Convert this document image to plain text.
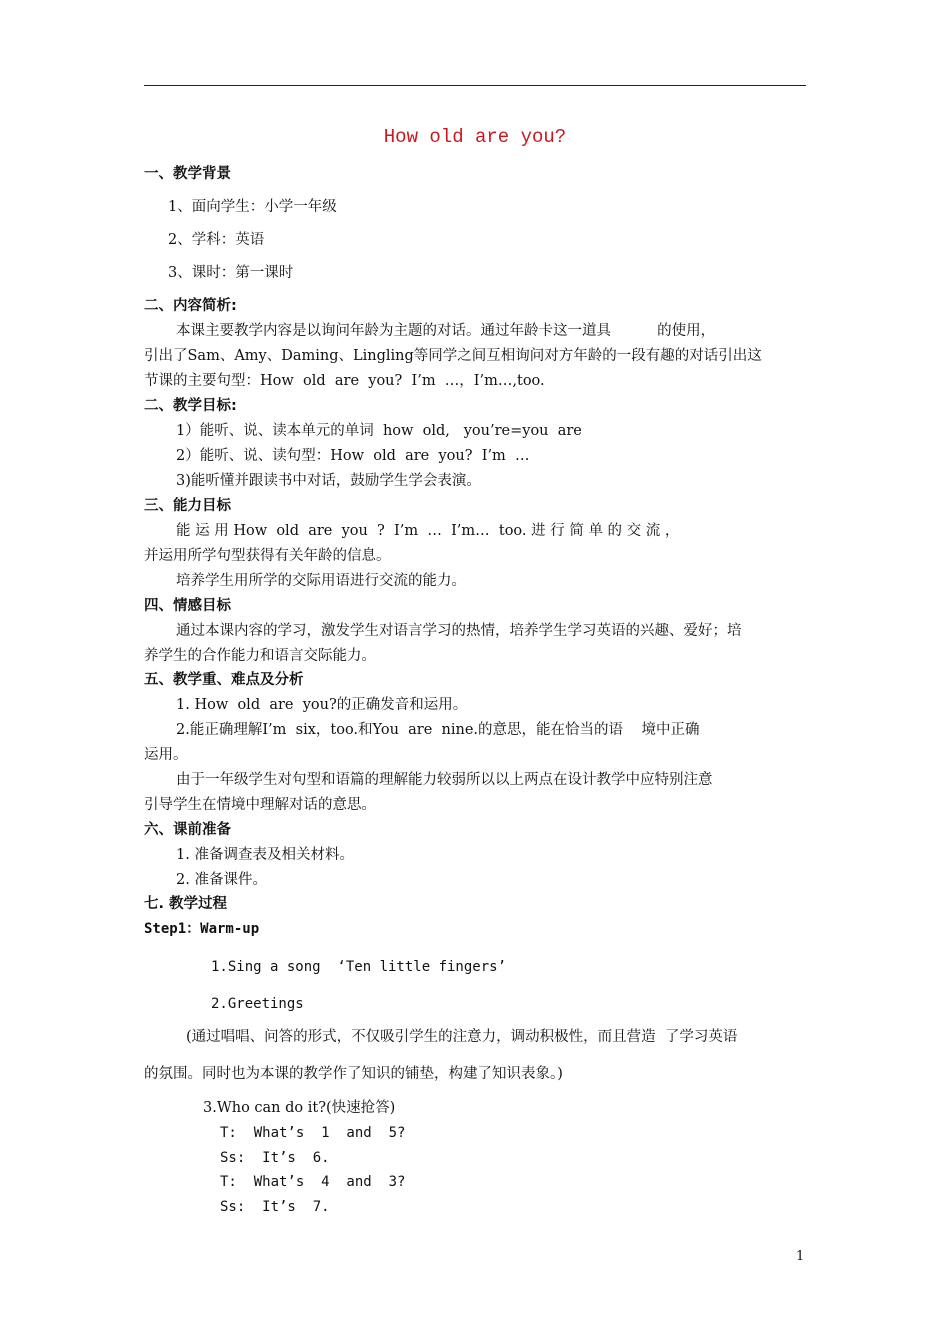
How old are you?
一、教学背景
1、面向学生：小学一年级
2、学科：英语
3、课时：第一课时
二、内容简析:
本课主要教学内容是以询问年龄为主题的对话。通过年龄卡这一道具          的使用，
引出了Sam、Amy、Daming、Lingling等同学之间互相询问对方年龄的一段有趣的对话引出这
节课的主要句型：How  old  are  you?  I’m  …，I’m…,too.
二、教学目标:
1）能听、说、读本单元的单词  how  old,   you’re=you  are
2）能听、说、读句型：How  old  are  you?  I’m  …
3)能听懂并跟读书中对话，鼓励学生学会表演。
三、能力目标
能 运 用 How  old  are  you  ?  I’m  …  I’m…  too. 进 行 简 单 的 交 流 ，
并运用所学句型获得有关年龄的信息。
培养学生用所学的交际用语进行交流的能力。
四、情感目标
通过本课内容的学习，激发学生对语言学习的热情，培养学生学习英语的兴趣、爱好；培
养学生的合作能力和语言交际能力。
五、教学重、难点及分析
1. How  old  are  you?的正确发音和运用。
2.能正确理解I’m  six，too.和You  are  nine.的意思，能在恰当的语    境中正确
运用。
由于一年级学生对句型和语篇的理解能力较弱所以以上两点在设计教学中应特别注意
引导学生在情境中理解对话的意思。
六、课前准备
1. 准备调查表及相关材料。
2. 准备课件。
七. 教学过程
Step1：Warm-up
1.Sing a song  ‘Ten little fingers’
2.Greetings
(通过唱唱、问答的形式，不仅吸引学生的注意力，调动积极性，而且营造  了学习英语
的氛围。同时也为本课的教学作了知识的铺垫，构建了知识表象。)
3.Who can do it?(快速抢答)
T:  What’s  1  and  5?
Ss:  It’s  6.
T:  What’s  4  and  3?
Ss:  It’s  7.
1
